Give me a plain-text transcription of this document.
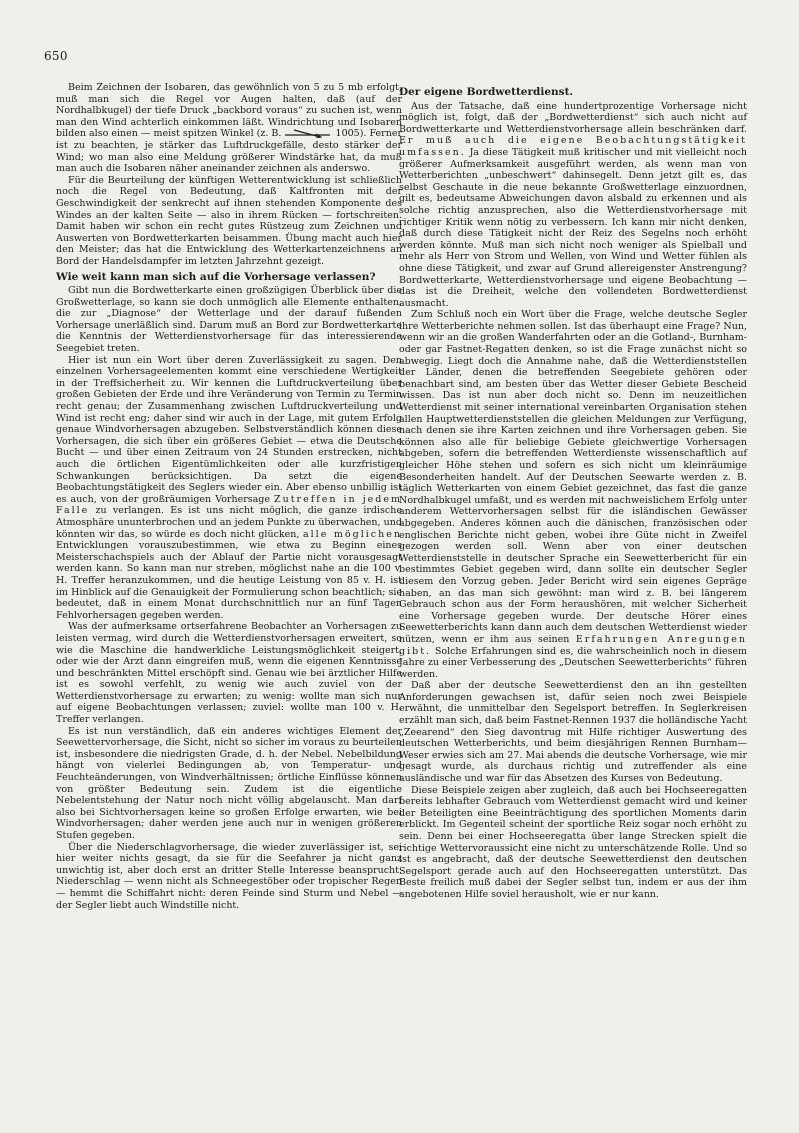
650

Beim Zeichnen der Isobaren, das gewöhnlich von 5 zu 5 mb erfolgt, muß man sich die Regel vor Augen halten, daß (auf der Nordhalbkugel) der tiefe Druck „backbord voraus“ zu suchen ist, wenn man den Wind achterlich einkommen läßt. Windrichtung und Isobaren bilden also einen — meist spitzen Winkel (z. B.	1005). Ferner ist zu beachten, je stärker das Luftdruckgefälle, desto stärker der Wind; wo man also eine Meldung größerer Windstärke hat, da muß man auch die Isobaren näher aneinander zeichnen als anderswo.

Für die Beurteilung der künftigen Wetterentwicklung ist schließlich noch die Regel von Bedeutung, daß Kaltfronten mit der Geschwindigkeit der senkrecht auf ihnen stehenden Komponente des Windes an der kalten Seite — also in ihrem Rücken — fortschreiten. Damit haben wir schon ein recht gutes Rüstzeug zum Zeichnen und Auswerten von Bordwetterkarten beisammen. Übung macht auch hier den Meister; das hat die Entwicklung des Wetterkartenzeichnens an Bord der Handelsdampfer im letzten Jahrzehnt gezeigt.

Wie weit kann man sich auf die Vorhersage verlassen?

Gibt nun die Bordwetterkarte einen großzügigen Überblick über die Großwetterlage, so kann sie doch unmöglich alle Elemente enthalten, die zur „Diagnose“ der Wetterlage und der darauf fußenden Vorhersage unerläßlich sind. Darum muß an Bord zur Bordwetterkarte die Kenntnis der Wetterdienstvorhersage für das interessierende Seegebiet treten.

Hier ist nun ein Wort über deren Zuverlässigkeit zu sagen. Den einzelnen Vorhersageelementen kommt eine verschiedene Wertigkeit in der Treffsicherheit zu. Wir kennen die Luftdruckverteilung über großen Gebieten der Erde und ihre Veränderung von Termin zu Termin recht genau; der Zusammenhang zwischen Luftdruckverteilung und Wind ist recht eng; daher sind wir auch in der Lage, mit gutem Erfolg genaue Windvorhersagen abzugeben. Selbstverständlich können diese Vorhersagen, die sich über ein größeres Gebiet — etwa die Deutsche Bucht — und über einen Zeitraum von 24 Stunden erstrecken, nicht auch die örtlichen Eigentümlichkeiten oder alle kurzfristigen Schwankungen berücksichtigen. Da setzt die eigene Beobachtungstätigkeit des Seglers wieder ein. Aber ebenso unbillig ist es auch, von der großräumigen Vorhersage Zutreffen in jedem Falle zu verlangen. Es ist uns nicht möglich, die ganze irdische Atmosphäre ununterbrochen und an jedem Punkte zu überwachen, und könnten wir das, so würde es doch nicht glücken, alle möglichen Entwicklungen vorauszubestimmen, wie etwa zu Beginn eines Meisterschachspiels auch der Ablauf der Partie nicht vorausgesagt werden kann. So kann man nur streben, möglichst nahe an die 100 v. H. Treffer heranzukommen, und die heutige Leistung von 85 v. H. ist im Hinblick auf die Genauigkeit der Formulierung schon beachtlich; sie bedeutet, daß in einem Monat durchschnittlich nur an fünf Tagen Fehlvorhersagen gegeben werden.

Was der aufmerksame ortserfahrene Beobachter an Vorhersagen zu leisten vermag, wird durch die Wetterdienstvorhersagen erweitert, so wie die Maschine die handwerkliche Leistungsmöglichkeit steigert, oder wie der Arzt dann eingreifen muß, wenn die eigenen Kenntnisse und beschränkten Mittel erschöpft sind. Genau wie bei ärztlicher Hilfe ist es sowohl verfehlt, zu wenig wie auch zuviel von der Wetterdienstvorhersage zu erwarten; zu wenig: wollte man sich nur auf eigene Beobachtungen verlassen; zuviel: wollte man 100 v. H. Treffer verlangen.

Es ist nun verständlich, daß ein anderes wichtiges Element der Seewettervorhersage, die Sicht, nicht so sicher im voraus zu beurteilen ist, insbesondere die niedrigsten Grade, d. h. der Nebel. Nebelbildung hängt von vielerlei Bedingungen ab, von Temperatur- und Feuchteänderungen, von Windverhältnissen; örtliche Einflüsse können von größter Bedeutung sein. Zudem ist die eigentliche Nebelentstehung der Natur noch nicht völlig abgelauscht. Man darf also bei Sichtvorhersagen keine so großen Erfolge erwarten, wie bei Windvorhersagen; daher werden jene auch nur in wenigen größeren Stufen gegeben.

Über die Niederschlagvorhersage, die wieder zuverlässiger ist, sei hier weiter nichts gesagt, da sie für die Seefahrer ja nicht ganz unwichtig ist, aber doch erst an dritter Stelle Interesse beansprucht. Niederschlag — wenn nicht als Schneegestöber oder tropischer Regen — hemmt die Schiffahrt nicht: deren Feinde sind Sturm und Nebel — der Segler liebt auch Windstille nicht.

Der eigene Bordwetterdienst.

Aus der Tatsache, daß eine hundertprozentige Vorhersage nicht möglich ist, folgt, daß der „Bordwetterdienst“ sich auch nicht auf Bordwetterkarte und Wetterdienstvorhersage allein beschränken darf. Er muß auch die eigene Beobachtungstätigkeit umfassen. Ja diese Tätigkeit muß kritischer und mit vielleicht noch größerer Aufmerksamkeit ausgeführt werden, als wenn man von Wetterberichten „unbeschwert“ dahinsegelt. Denn jetzt gilt es, das selbst Geschaute in die neue bekannte Großwetterlage einzuordnen, gilt es, bedeutsame Abweichungen davon alsbald zu erkennen und als solche richtig anzusprechen, also die Wetterdienstvorhersage mit richtiger Kritik wenn nötig zu verbessern. Ich kann mir nicht denken, daß durch diese Tätigkeit nicht der Reiz des Segelns noch erhöht werden könnte. Muß man sich nicht noch weniger als Spielball und mehr als Herr von Strom und Wellen, von Wind und Wetter fühlen als ohne diese Tätigkeit, und zwar auf Grund allereigenster Anstrengung? Bordwetterkarte, Wetterdienstvorhersage und eigene Beobachtung — das ist die Dreiheit, welche den vollendeten Bordwetterdienst ausmacht.

Zum Schluß noch ein Wort über die Frage, welche deutsche Segler ihre Wetterberichte nehmen sollen. Ist das überhaupt eine Frage? Nun, wenn wir an die großen Wanderfahrten oder an die Gotland-, Burnham- oder gar Fastnet-Regatten denken, so ist die Frage zunächst nicht so abwegig. Liegt doch die Annahme nahe, daß die Wetterdienststellen der Länder, denen die betreffenden Seegebiete gehören oder benachbart sind, am besten über das Wetter dieser Gebiete Bescheid wissen. Das ist nun aber doch nicht so. Denn im neuzeitlichen Wetterdienst mit seiner international vereinbarten Organisation stehen allen Hauptwetterdienststellen die gleichen Meldungen zur Verfügung, nach denen sie ihre Karten zeichnen und ihre Vorhersagen geben. Sie können also alle für beliebige Gebiete gleichwertige Vorhersagen abgeben, sofern die betreffenden Wetterdienste wissenschaftlich auf gleicher Höhe stehen und sofern es sich nicht um kleinräumige Besonderheiten handelt. Auf der Deutschen Seewarte werden z. B. täglich Wetterkarten von einem Gebiet gezeichnet, das fast die ganze Nordhalbkugel umfaßt, und es werden mit nachweislichem Erfolg unter anderem Wettervorhersagen selbst für die isländischen Gewässer abgegeben. Anderes können auch die dänischen, französischen oder englischen Berichte nicht geben, wobei ihre Güte nicht in Zweifel gezogen werden soll. Wenn aber von einer deutschen Wetterdienststelle in deutscher Sprache ein Seewetterbericht für ein bestimmtes Gebiet gegeben wird, dann sollte ein deutscher Segler diesem den Vorzug geben. Jeder Bericht wird sein eigenes Gepräge haben, an das man sich gewöhnt: man wird z. B. bei längerem Gebrauch schon aus der Form heraushören, mit welcher Sicherheit eine Vorhersage gegeben wurde. Der deutsche Hörer eines Seewetterberichts kann dann auch dem deutschen Wetterdienst wieder nützen, wenn er ihm aus seinen Erfahrungen Anregungen gibt. Solche Erfahrungen sind es, die wahrscheinlich noch in diesem Jahre zu einer Verbesserung des „Deutschen Seewetterberichts“ führen werden.

Daß aber der deutsche Seewetterdienst den an ihn gestellten Anforderungen gewachsen ist, dafür seien noch zwei Beispiele erwähnt, die unmittelbar den Segelsport betreffen. In Seglerkreisen erzählt man sich, daß beim Fastnet-Rennen 1937 die holländische Yacht „Zeearend“ den Sieg davontrug mit Hilfe richtiger Auswertung des deutschen Wetterberichts, und beim diesjährigen Rennen Burnham—Weser erwies sich am 27. Mai abends die deutsche Vorhersage, wie mir gesagt wurde, als durchaus richtig und zutreffender als eine ausländische und war für das Absetzen des Kurses von Bedeutung.

Diese Beispiele zeigen aber zugleich, daß auch bei Hochseeregatten bereits lebhafter Gebrauch vom Wetterdienst gemacht wird und keiner der Beteiligten eine Beeinträchtigung des sportlichen Moments darin erblickt. Im Gegenteil scheint der sportliche Reiz sogar noch erhöht zu sein. Denn bei einer Hochseeregatta über lange Strecken spielt die richtige Wettervoraussicht eine nicht zu unterschätzende Rolle. Und so ist es angebracht, daß der deutsche Seewetterdienst den deutschen Segelsport gerade auch auf den Hochseeregatten unterstützt. Das Beste freilich muß dabei der Segler selbst tun, indem er aus der ihm angebotenen Hilfe soviel herausholt, wie er nur kann.
